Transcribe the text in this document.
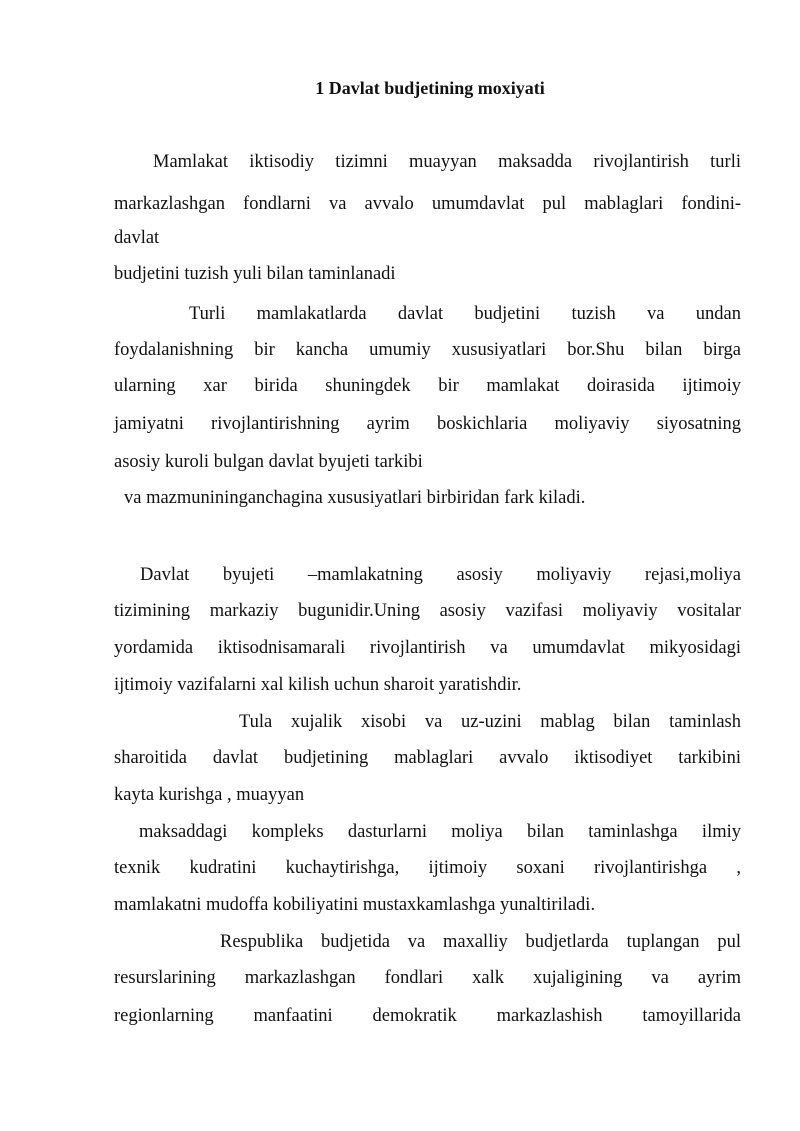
1 Davlat budjetining moxiyati
Mamlakat iktisodiy tizimni muayyan maksadda rivojlantirish turli
markazlashgan fondlarni va avvalo umumdavlat pul mablaglari fondini-
davlat
budjetini tuzish yuli bilan taminlanadi
Turli mamlakatlarda davlat budjetini tuzish va undan
foydalanishning bir kancha umumiy xususiyatlari bor.Shu bilan birga
ularning xar birida shuningdek bir mamlakat doirasida ijtimoiy
jamiyatni rivojlantirishning ayrim boskichlaria moliyaviy siyosatning
asosiy kuroli bulgan davlat byujeti tarkibi
va mazmunininganchagina xususiyatlari birbiridan fark kiladi.
Davlat byujeti –mamlakatning asosiy moliyaviy rejasi,moliya
tizimining markaziy bugunidir.Uning asosiy vazifasi moliyaviy vositalar
yordamida iktisodnisamarali rivojlantirish va umumdavlat mikyosidagi
ijtimoiy vazifalarni xal kilish uchun sharoit yaratishdir.
Tula xujalik xisobi va uz-uzini mablag bilan taminlash
sharoitida davlat budjetining mablaglari avvalo iktisodiyet tarkibini
kayta kurishga , muayyan
maksaddagi kompleks dasturlarni moliya bilan taminlashga ilmiy
texnik kudratini kuchaytirishga, ijtimoiy soxani rivojlantirishga ,
mamlakatni mudoffa kobiliyatini mustaxkamlashga yunaltiriladi.
Respublika budjetida va maxalliy budjetlarda tuplangan pul
resurslarining markazlashgan fondlari xalk xujaligining va ayrim
regionlarning manfaatini demokratik markazlashish tamoyillarida
